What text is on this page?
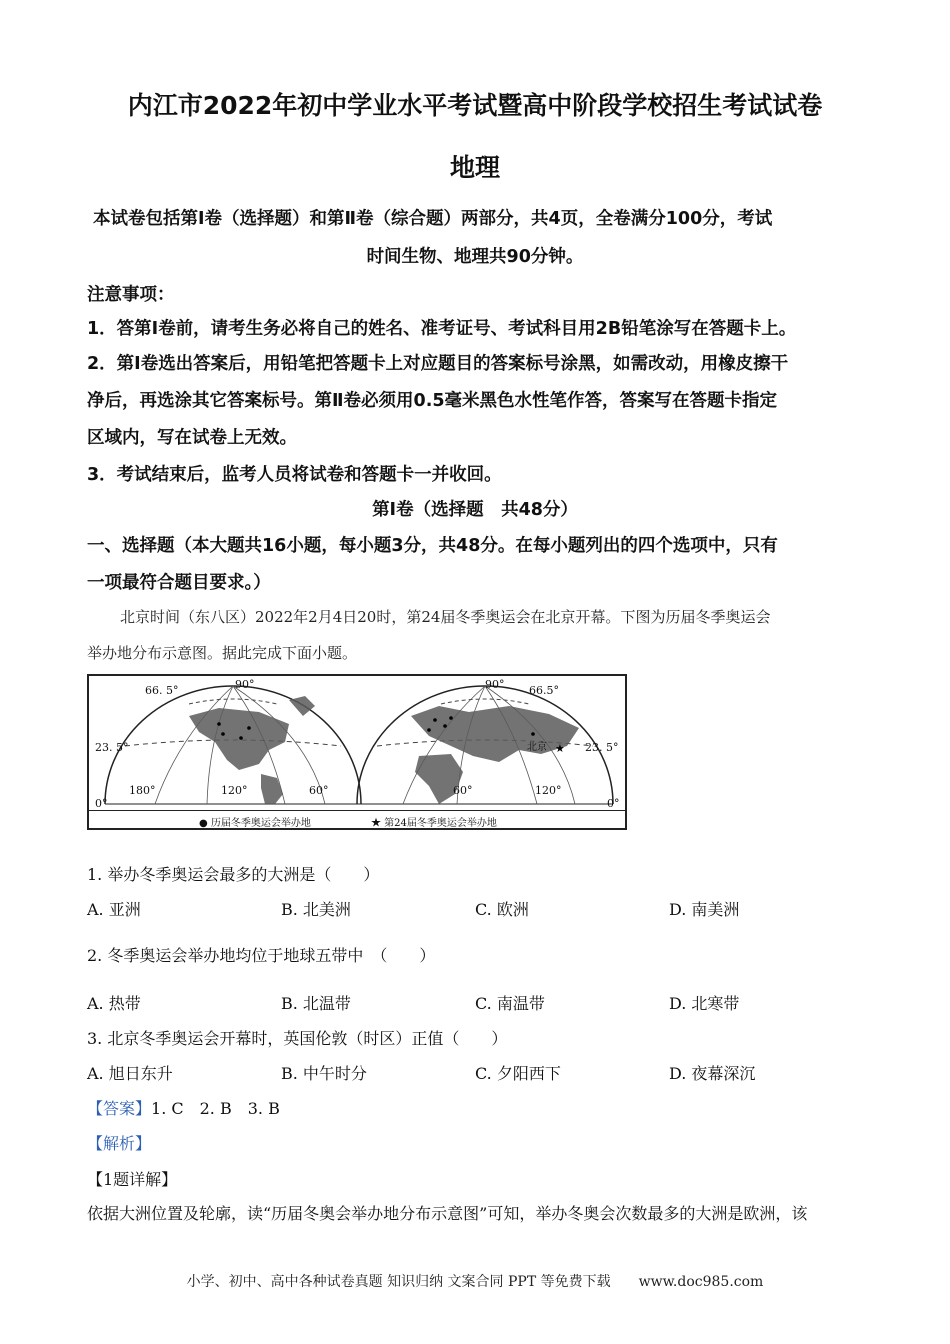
内江市2022年初中学业水平考试暨高中阶段学校招生考试试卷
地理
本试卷包括第Ⅰ卷（选择题）和第Ⅱ卷（综合题）两部分，共4页，全卷满分100分，考试
时间生物、地理共90分钟。
注意事项：
1．答第Ⅰ卷前，请考生务必将自己的姓名、准考证号、考试科目用2B铅笔涂写在答题卡上。
2．第Ⅰ卷选出答案后，用铅笔把答题卡上对应题目的答案标号涂黑，如需改动，用橡皮擦干
净后，再选涂其它答案标号。第Ⅱ卷必须用0.5毫米黑色水性笔作答，答案写在答题卡指定
区域内，写在试卷上无效。
3．考试结束后，监考人员将试卷和答题卡一并收回。
第Ⅰ卷（选择题　共48分）
一、选择题（本大题共16小题，每小题3分，共48分。在每小题列出的四个选项中，只有
一项最符合题目要求。）
北京时间（东八区）2022年2月4日20时，第24届冬季奥运会在北京开幕。下图为历届冬季奥运会
举办地分布示意图。据此完成下面小题。
★
66. 5°
23. 5°
0°
66.5°
23. 5°
0°
90°
180°	120°	60°
90°
60°	120°
北京
● 历届冬季奥运会举办地	★ 第24届冬季奥运会举办地
1. 举办冬季奥运会最多的大洲是（　　）
A. 亚洲	B. 北美洲	C. 欧洲	D. 南美洲
2. 冬季奥运会举办地均位于地球五带中　（　　）
A. 热带	B. 北温带	C. 南温带	D. 北寒带
3. 北京冬季奥运会开幕时，英国伦敦（时区）正值（　　）
A. 旭日东升	B. 中午时分	C. 夕阳西下	D. 夜幕深沉
【答案】1. C　2. B　3. B
【解析】
【1题详解】
依据大洲位置及轮廓，读“历届冬奥会举办地分布示意图”可知，举办冬奥会次数最多的大洲是欧洲，该
小学、初中、高中各种试卷真题 知识归纳 文案合同 PPT 等免费下载　　www.doc985.com
